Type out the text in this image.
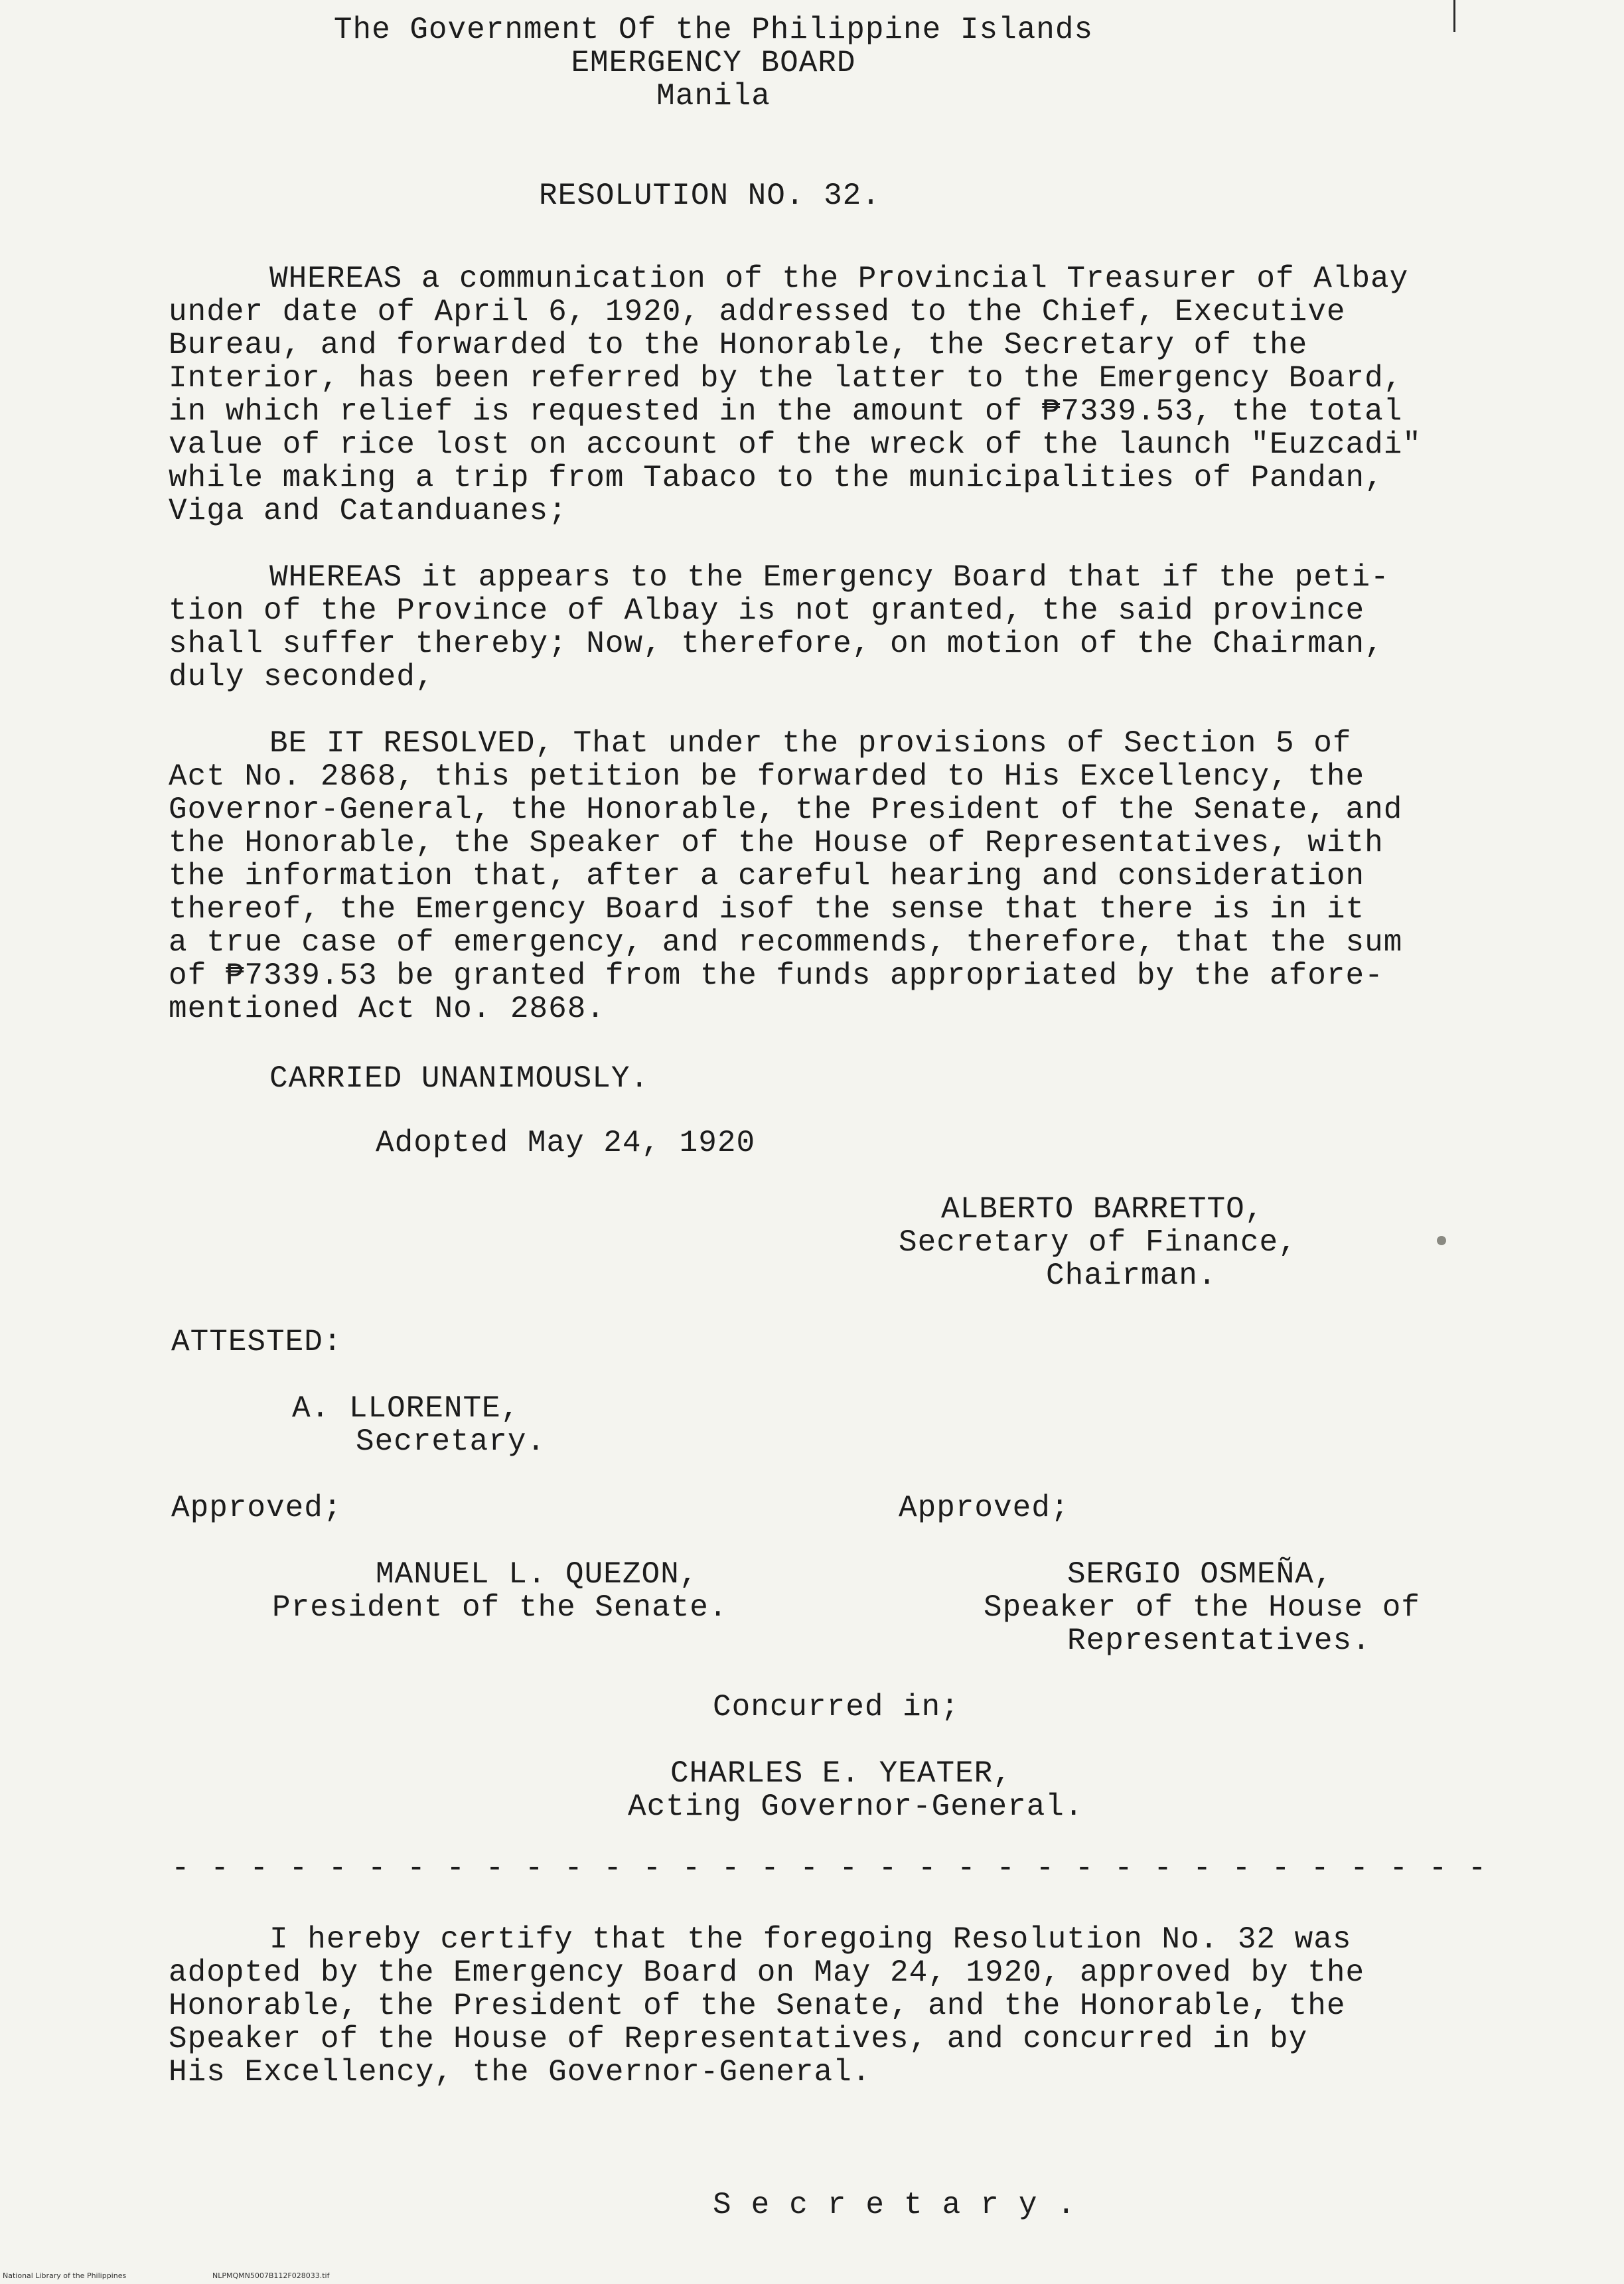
The Government Of the Philippine Islands
EMERGENCY BOARD
Manila
RESOLUTION NO. 32.
WHEREAS a communication of the Provincial Treasurer of Albay
under date of April 6, 1920, addressed to the Chief, Executive
Bureau, and forwarded to the Honorable, the Secretary of the
Interior, has been referred by the latter to the Emergency Board,
in which relief is requested in the amount of ₱7339.53, the total
value of rice lost on account of the wreck of the launch "Euzcadi"
while making a trip from Tabaco to the municipalities of Pandan,
Viga and Catanduanes;
WHEREAS it appears to the Emergency Board that if the peti-
tion of the Province of Albay is not granted, the said province
shall suffer thereby; Now, therefore, on motion of the Chairman,
duly seconded,
BE IT RESOLVED, That under the provisions of Section 5 of
Act No. 2868, this petition be forwarded to His Excellency, the
Governor-General, the Honorable, the President of the Senate, and
the Honorable, the Speaker of the House of Representatives, with
the information that, after a careful hearing and consideration
thereof, the Emergency Board isof the sense that there is in it
a true case of emergency, and recommends, therefore, that the sum
of ₱7339.53 be granted from the funds appropriated by the afore-
mentioned Act No. 2868.
CARRIED UNANIMOUSLY.
Adopted May 24, 1920
ALBERTO BARRETTO,
Secretary of Finance,
Chairman.
ATTESTED:
A. LLORENTE,
Secretary.
Approved;	Approved;
MANUEL L. QUEZON,
President of the Senate.
SERGIO OSMEÑA,
Speaker of the House of
Representatives.
Concurred in;
CHARLES E. YEATER,
Acting Governor-General.
- - - - - - - - - - - - - - - - - - - - - - - - - - - - - - - - - -
I hereby certify that the foregoing Resolution No. 32 was
adopted by the Emergency Board on May 24, 1920, approved by the
Honorable, the President of the Senate, and the Honorable, the
Speaker of the House of Representatives, and concurred in by
His Excellency, the Governor-General.
Secretary.
National Library of the Philippines	NLPMQMN5007B112F028033.tif
